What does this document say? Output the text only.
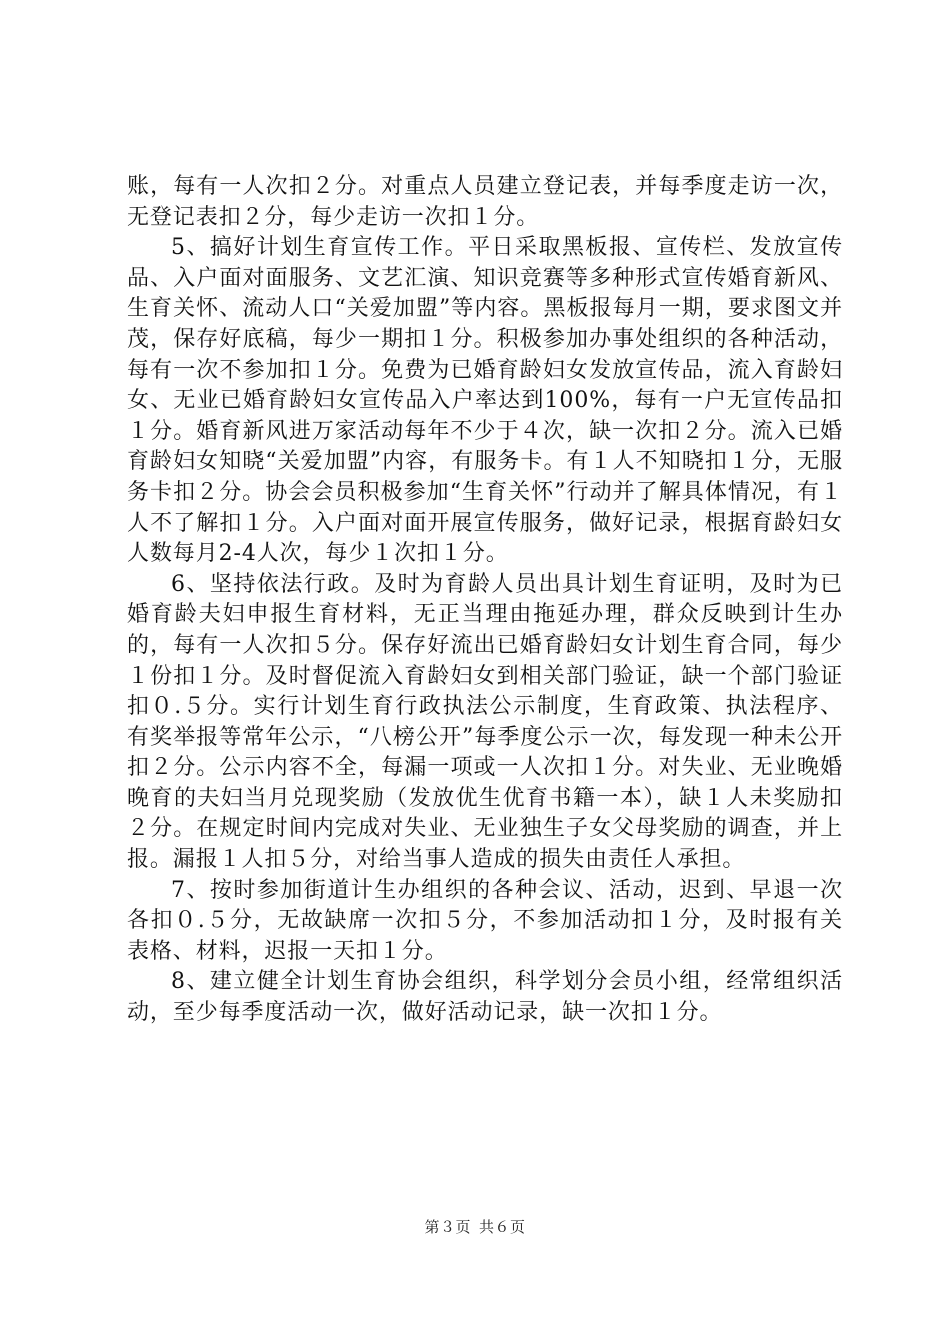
账，每有一人次扣２分。对重点人员建立登记表，并每季度走访一次，无登记表扣２分，每少走访一次扣１分。

5、搞好计划生育宣传工作。平日采取黑板报、宣传栏、发放宣传品、入户面对面服务、文艺汇演、知识竞赛等多种形式宣传婚育新风、生育关怀、流动人口“关爱加盟”等内容。黑板报每月一期，要求图文并茂，保存好底稿，每少一期扣１分。积极参加办事处组织的各种活动，每有一次不参加扣１分。免费为已婚育龄妇女发放宣传品，流入育龄妇女、无业已婚育龄妇女宣传品入户率达到100%，每有一户无宣传品扣１分。婚育新风进万家活动每年不少于４次，缺一次扣２分。流入已婚育龄妇女知晓“关爱加盟”内容，有服务卡。有１人不知晓扣１分，无服务卡扣２分。协会会员积极参加“生育关怀”行动并了解具体情况，有１人不了解扣１分。入户面对面开展宣传服务，做好记录，根据育龄妇女人数每月2-4人次，每少１次扣１分。

6、坚持依法行政。及时为育龄人员出具计划生育证明，及时为已婚育龄夫妇申报生育材料，无正当理由拖延办理，群众反映到计生办的，每有一人次扣５分。保存好流出已婚育龄妇女计划生育合同，每少１份扣１分。及时督促流入育龄妇女到相关部门验证，缺一个部门验证扣０.５分。实行计划生育行政执法公示制度，生育政策、执法程序、有奖举报等常年公示，“八榜公开”每季度公示一次，每发现一种未公开扣２分。公示内容不全，每漏一项或一人次扣１分。对失业、无业晚婚晚育的夫妇当月兑现奖励（发放优生优育书籍一本），缺１人未奖励扣２分。在规定时间内完成对失业、无业独生子女父母奖励的调查，并上报。漏报１人扣５分，对给当事人造成的损失由责任人承担。

7、按时参加街道计生办组织的各种会议、活动，迟到、早退一次各扣０.５分，无故缺席一次扣５分，不参加活动扣１分，及时报有关表格、材料，迟报一天扣１分。

8、建立健全计划生育协会组织，科学划分会员小组，经常组织活动，至少每季度活动一次，做好活动记录，缺一次扣１分。

第３页 共６页
